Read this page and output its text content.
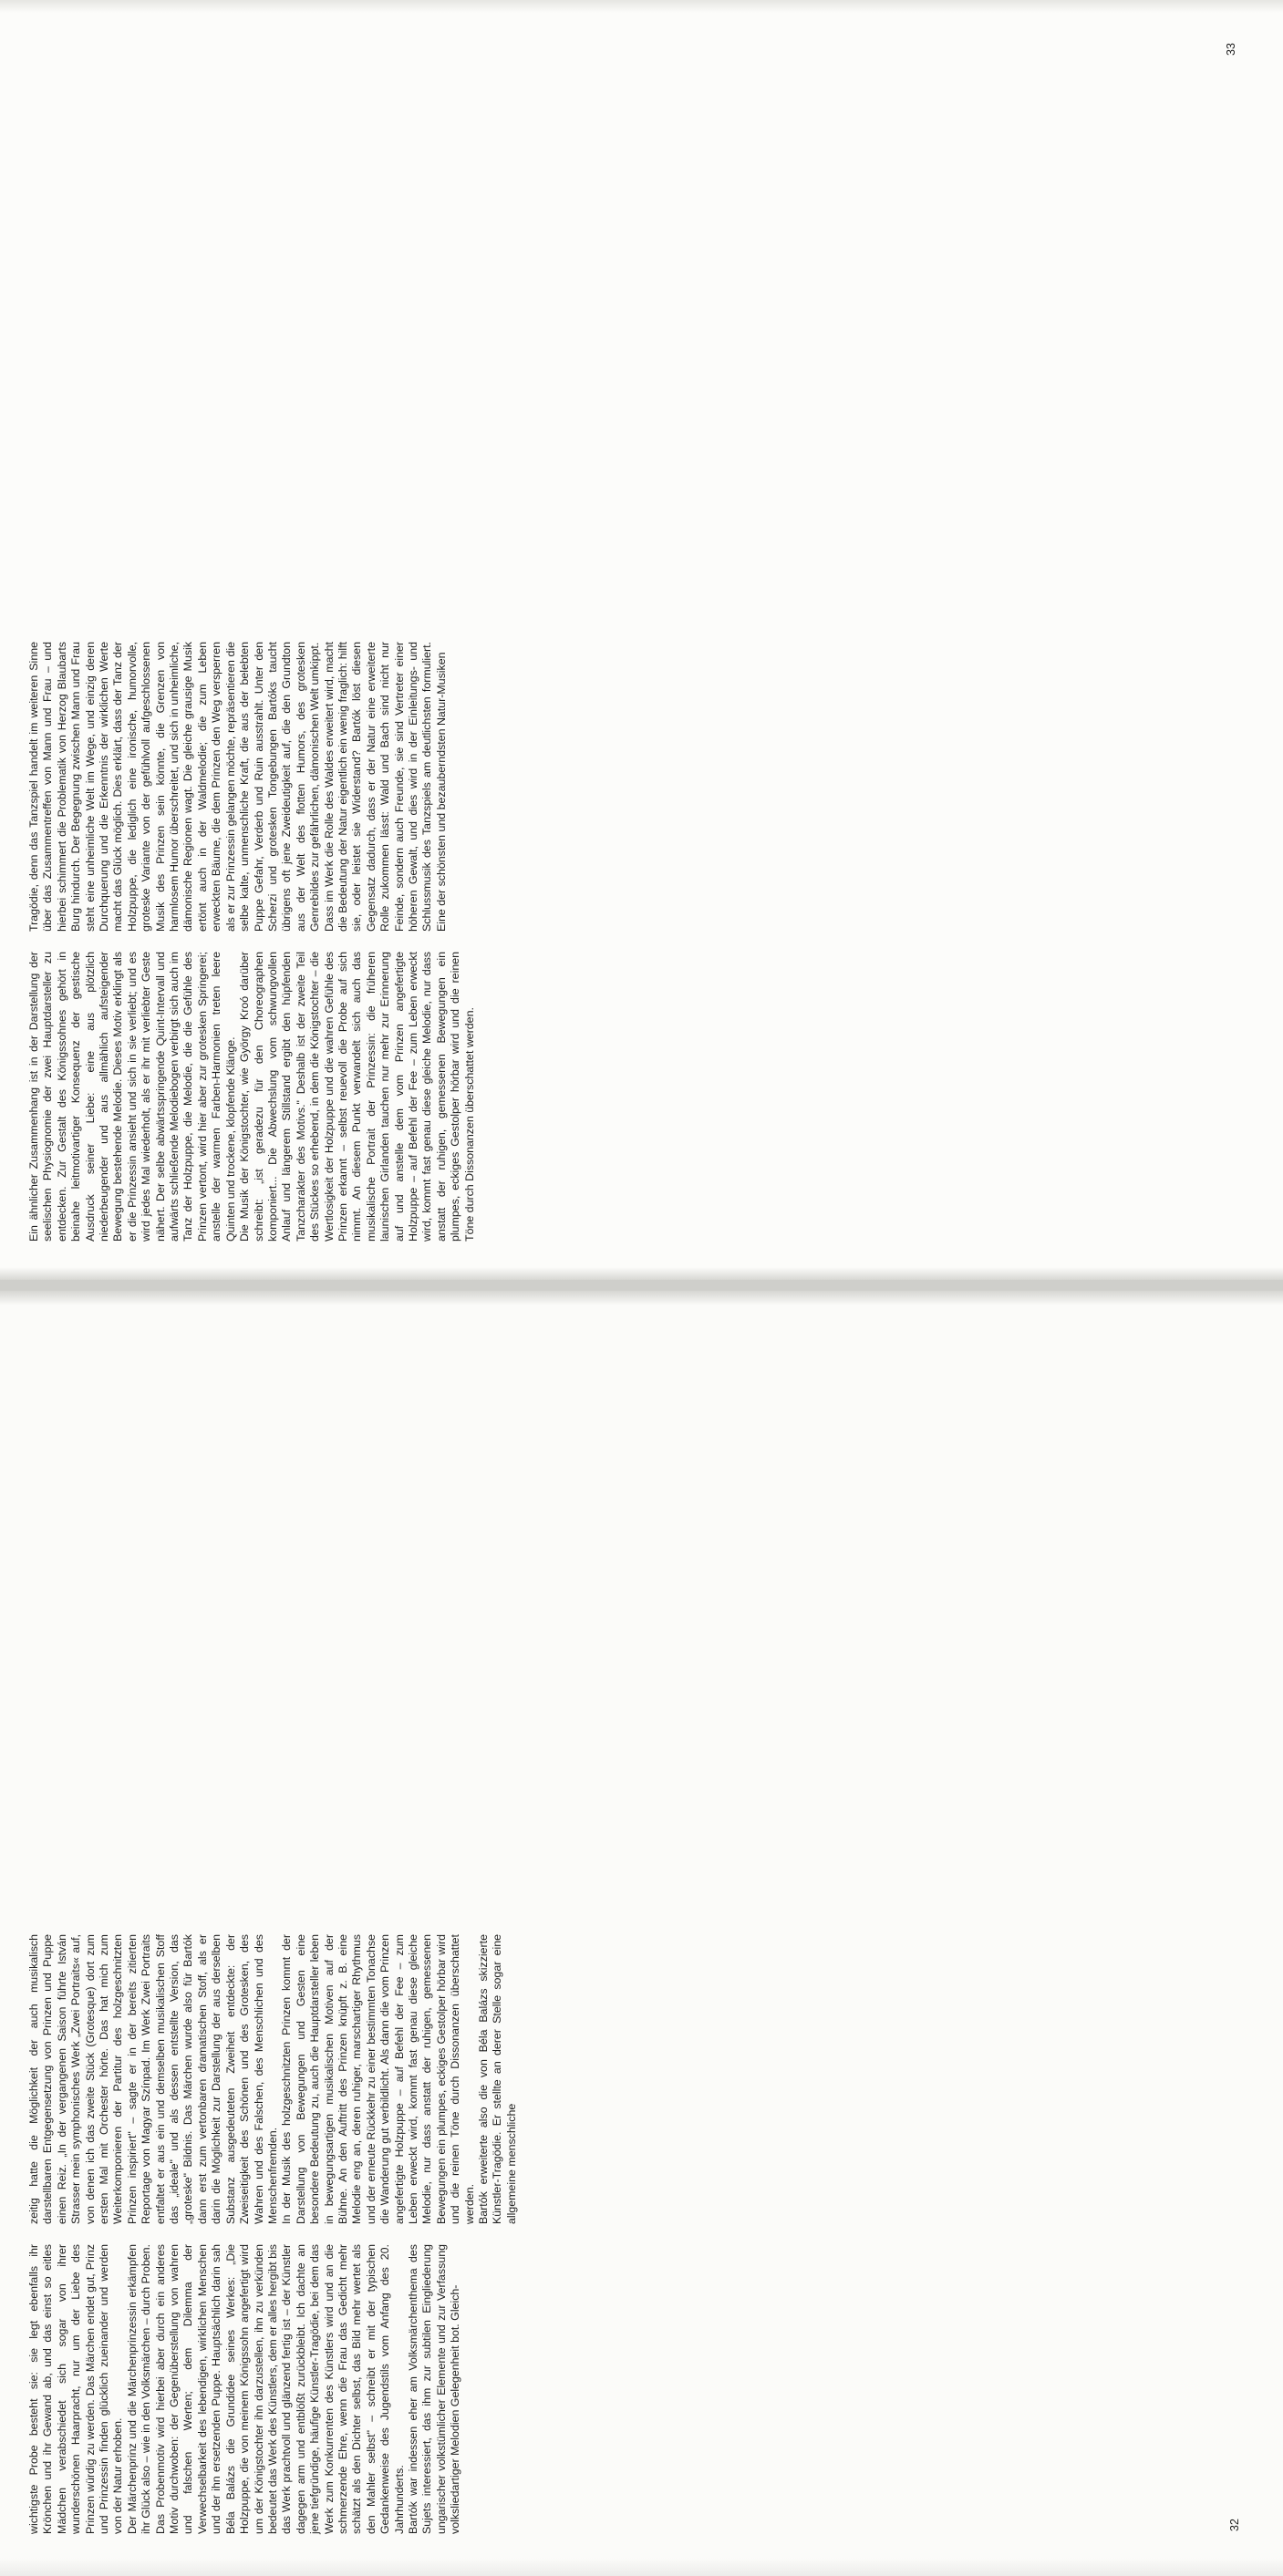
Ein ähnlicher Zusammenhang ist in der Darstellung der seelischen Physiognomie der zwei Hauptdarsteller zu entdecken. Zur Gestalt des Königssohnes gehört in beinahe leitmotivartiger Konsequenz der gestische Ausdruck seiner Liebe: eine aus plötzlich niederbeugender und aus allmählich aufsteigender Bewegung bestehende Melodie. Dieses Motiv erklingt als er die Prinzessin ansieht und sich in sie verliebt; und es wird jedes Mal wiederholt, als er ihr mit verliebter Geste nähert. Der selbe abwärtsspringende Quint-Intervall und aufwärts schließende Melodiebogen verbirgt sich auch im Tanz der Holzpuppe, die Melodie, die die Gefühle des Prinzen vertont, wird hier aber zur grotesken Springerei; anstelle der warmen Farben-Harmonien treten leere Quinten und trockene, klopfende Klänge. Die Musik der Königstochter, wie György Kroó darüber schreibt: „ist geradezu für den Choreographen komponiert... Die Abwechslung vom schwungvollen Anlauf und längerem Stillstand ergibt den hüpfenden Tanzcharakter des Motivs." Deshalb ist der zweite Teil des Stückes so erhebend, in dem die Königstochter – die Wertlosigkeit der Holzpuppe und die wahren Gefühle des Prinzen erkannt – selbst reuevoll die Probe auf sich nimmt. An diesem Punkt verwandelt sich auch das musikalische Portrait der Prinzessin: die früheren launischen Girlanden tauchen nur mehr zur Erinnerung auf und anstelle dem vom Prinzen angefertigte Holzpuppe – auf Befehl der Fee – zum Leben erweckt wird, kommt fast genau diese gleiche Melodie, nur dass anstatt der ruhigen, gemessenen Bewegungen ein plumpes, eckiges Gestolper hörbar wird und die reinen Töne durch Dissonanzen überschattet werden.

Tragödie, denn das Tanzspiel handelt im weiteren Sinne über das Zusammentreffen von Mann und Frau – und hierbei schimmert die Problematik von Herzog Blaubarts Burg hindurch. Der Begegnung zwischen Mann und Frau steht eine unheimliche Welt im Wege, und einzig deren Durchquerung und die Erkenntnis der wirklichen Werte macht das Glück möglich. Dies erklärt, dass der Tanz der Holzpuppe, die lediglich eine ironische, humorvolle, groteske Variante von der gefühlvoll aufgeschlossenen Musik des Prinzen sein könnte, die Grenzen von harmlosem Humor überschreitet, und sich in unheimliche, dämonische Regionen wagt. Die gleiche grausige Musik ertönt auch in der Waldmelodie; die zum Leben erweckten Bäume, die dem Prinzen den Weg versperren als er zur Prinzessin gelangen möchte, repräsentieren die selbe kalte, unmenschliche Kraft, die aus der belebten Puppe Gefahr, Verderb und Ruin ausstrahlt. Unter den Scherzi und grotesken Tongebungen Bartóks taucht übrigens oft jene Zweideutigkeit auf, die den Grundton aus der Welt des flotten Humors, des grotesken Genrebildes zur gefährlichen, dämonischen Welt umkippt. Dass im Werk die Rolle des Waldes erweitert wird, macht die Bedeutung der Natur eigentlich ein wenig fraglich: hilft sie, oder leistet sie Widerstand? Bartók löst diesen Gegensatz dadurch, dass er der Natur eine erweiterte Rolle zukommen lässt: Wald und Bach sind nicht nur Feinde, sondern auch Freunde, sie sind Vertreter einer höheren Gewalt, und dies wird in der Einleitungs- und Schlussmusik des Tanzspiels am deutlichsten formuliert. Eine der schönsten und bezauberndsten Natur-Musiken

33

wichtigste Probe besteht sie: sie legt ebenfalls ihr Krönchen und ihr Gewand ab, und das einst so eitles Mädchen verabschiedet sich sogar von ihrer wunderschönen Haarpracht, nur um der Liebe des Prinzen würdig zu werden. Das Märchen endet gut, Prinz und Prinzessin finden glücklich zueinander und werden von der Natur erhoben. Der Märchenprinz und die Märchenprinzessin erkämpfen ihr Glück also – wie in den Volksmärchen – durch Proben. Das Probenmotiv wird hierbei aber durch ein anderes Motiv durchwoben: der Gegenüberstellung von wahren und falschen Werten; dem Dilemma der Verwechselbarkeit des lebendigen, wirklichen Menschen und der ihn ersetzenden Puppe. Hauptsächlich darin sah Béla Balázs die Grundidee seines Werkes: „Die Holzpuppe, die von meinem Königssohn angefertigt wird um der Königstochter ihn darzustellen, ihn zu verkünden bedeutet das Werk des Künstlers, dem er alles hergibt bis das Werk prachtvoll und glänzend fertig ist – der Künstler dagegen arm und entblößt zurückbleibt. Ich dachte an jene tiefgründige, häufige Künstler-Tragödie, bei dem das Werk zum Konkurrenten des Künstlers wird und an die schmerzende Ehre, wenn die Frau das Gedicht mehr schätzt als den Dichter selbst, das Bild mehr wertet als den Mahler selbst" – schreibt er mit der typischen Gedankenweise des Jugendstils vom Anfang des 20. Jahrhunderts. Bartók war indessen eher am Volksmärchenthema des Sujets interessiert, das ihm zur subtilen Eingliederung ungarischer volkstümlicher Elemente und zur Verfassung volksliedartiger Melodien Gelegenheit bot. Gleich-

zeitig hatte die Möglichkeit der auch musikalisch darstellbaren Entgegensetzung von Prinzen und Puppe einen Reiz. „In der vergangenen Saison führte István Strasser mein symphonisches Werk „Zwei Portraits« auf, von denen ich das zweite Stück (Grotesque) dort zum ersten Mal mit Orchester hörte. Das hat mich zum Weiterkomponieren der Partitur des holzgeschnitzten Prinzen inspiriert" – sagte er in der bereits zitierten Reportage von Magyar Színpad. Im Werk Zwei Portraits entfaltet er aus ein und demselben musikalischen Stoff das „ideale" und als dessen entstellte Version, das „groteske" Bildnis. Das Märchen wurde also für Bartók dann erst zum vertonbaren dramatischen Stoff, als er darin die Möglichkeit zur Darstellung der aus derselben Substanz ausgedeuteten Zweiheit entdeckte: der Zweiseitigkeit des Schönen und des Grotesken, des Wahren und des Falschen, des Menschlichen und des Menschenfremden. In der Musik des holzgeschnitzten Prinzen kommt der Darstellung von Bewegungen und Gesten eine besondere Bedeutung zu, auch die Hauptdarsteller leben in bewegungsartigen musikalischen Motiven auf der Bühne. An den Auftritt des Prinzen knüpft z. B. eine Melodie eng an, deren ruhiger, marschartiger Rhythmus und der erneute Rückkehr zu einer bestimmten Tonachse die Wanderung gut verbildlicht. Als dann die vom Prinzen angefertigte Holzpuppe – auf Befehl der Fee – zum Leben erweckt wird, kommt fast genau diese gleiche Melodie, nur dass anstatt der ruhigen, gemessenen Bewegungen ein plumpes, eckiges Gestolper hörbar wird und die reinen Töne durch Dissonanzen überschattet werden. Bartók erweiterte also die von Béla Balázs skizzierte Künstler-Tragödie. Er stellte an derer Stelle sogar eine allgemeine menschliche

32
